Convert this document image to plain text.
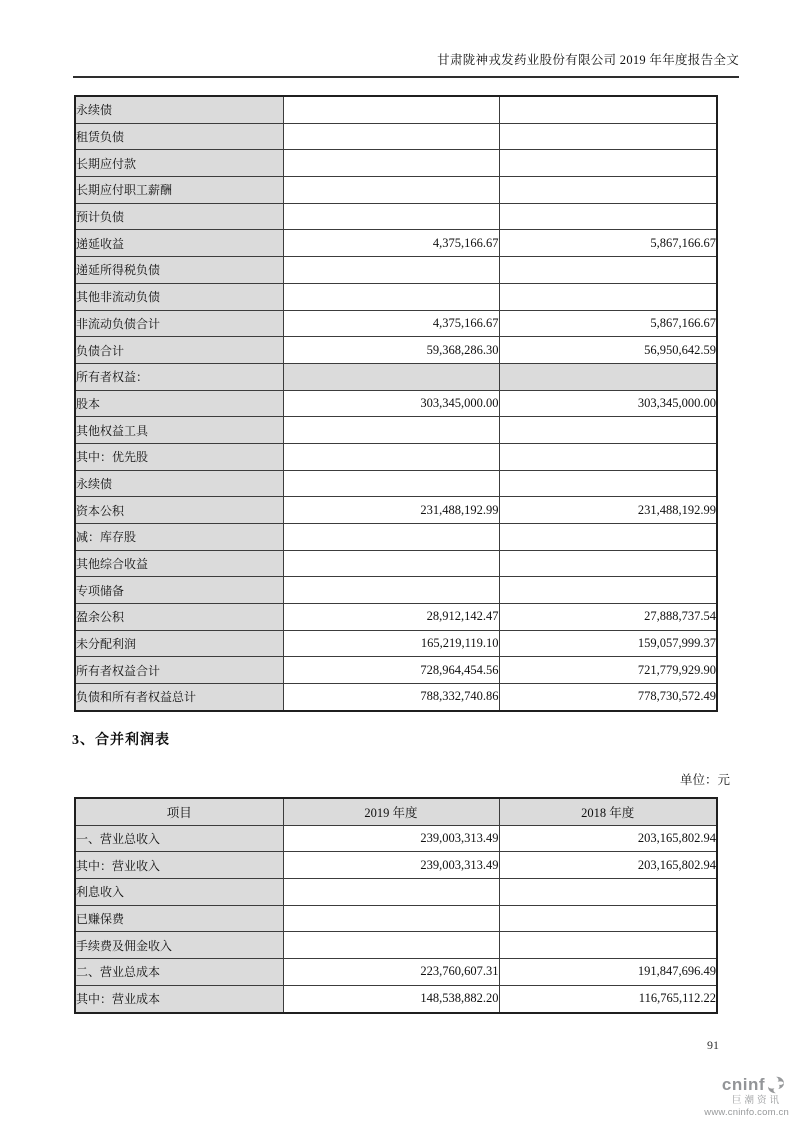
甘肃陇神戎发药业股份有限公司 2019 年年度报告全文
永续债		
租赁负债		
长期应付款		
长期应付职工薪酬		
预计负债		
递延收益	4,375,166.67	5,867,166.67
递延所得税负债		
其他非流动负债		
非流动负债合计	4,375,166.67	5,867,166.67
负债合计	59,368,286.30	56,950,642.59
所有者权益：		
股本	303,345,000.00	303,345,000.00
其他权益工具		
其中：优先股		
永续债		
资本公积	231,488,192.99	231,488,192.99
减：库存股		
其他综合收益		
专项储备		
盈余公积	28,912,142.47	27,888,737.54
未分配利润	165,219,119.10	159,057,999.37
所有者权益合计	728,964,454.56	721,779,929.90
负债和所有者权益总计	788,332,740.86	778,730,572.49
3、合并利润表
单位：元
项目	2019 年度	2018 年度
一、营业总收入	239,003,313.49	203,165,802.94
其中：营业收入	239,003,313.49	203,165,802.94
利息收入		
已赚保费		
手续费及佣金收入		
二、营业总成本	223,760,607.31	191,847,696.49
其中：营业成本	148,538,882.20	116,765,112.22
91
cninf
巨潮资讯
www.cninfo.com.cn
